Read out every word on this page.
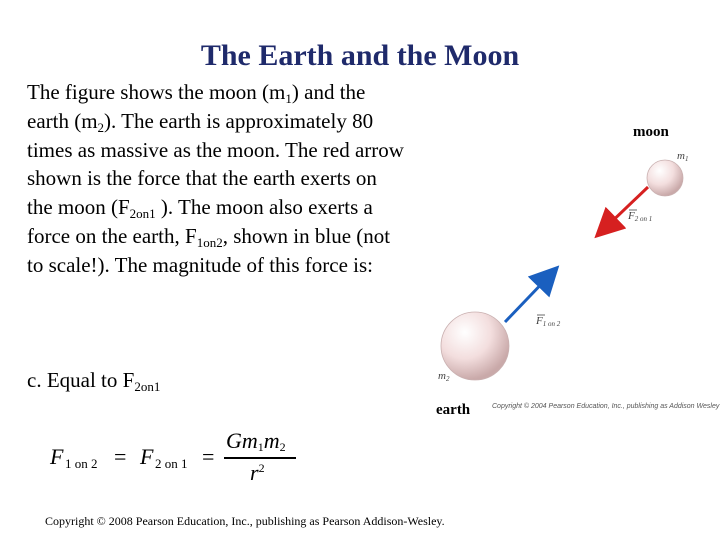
The Earth and the Moon
The figure shows the moon $(m_1)$ and the earth $(m_2)$. The earth is approximately 80 times as massive as the moon. The red arrow shown is the force that the earth exerts on the moon ($F_{2on1}$ ). The moon also exerts a force on the earth, $F_{1on2}$, shown in blue (not to scale!). The magnitude of this force is:
c. Equal to $F_{2on1}$
moon
$m_1$
$F_{2 on 1}$
$F_{1 on 2}$
$m_2$
earth	Copyright © 2004 Pearson Education, Inc., publishing as Addison Wesley
F 1 on 2 = F 2 on 1 =
$Gm_1m_2$
$r^2$
Copyright © 2008 Pearson Education, Inc., publishing as Pearson Addison-Wesley.
